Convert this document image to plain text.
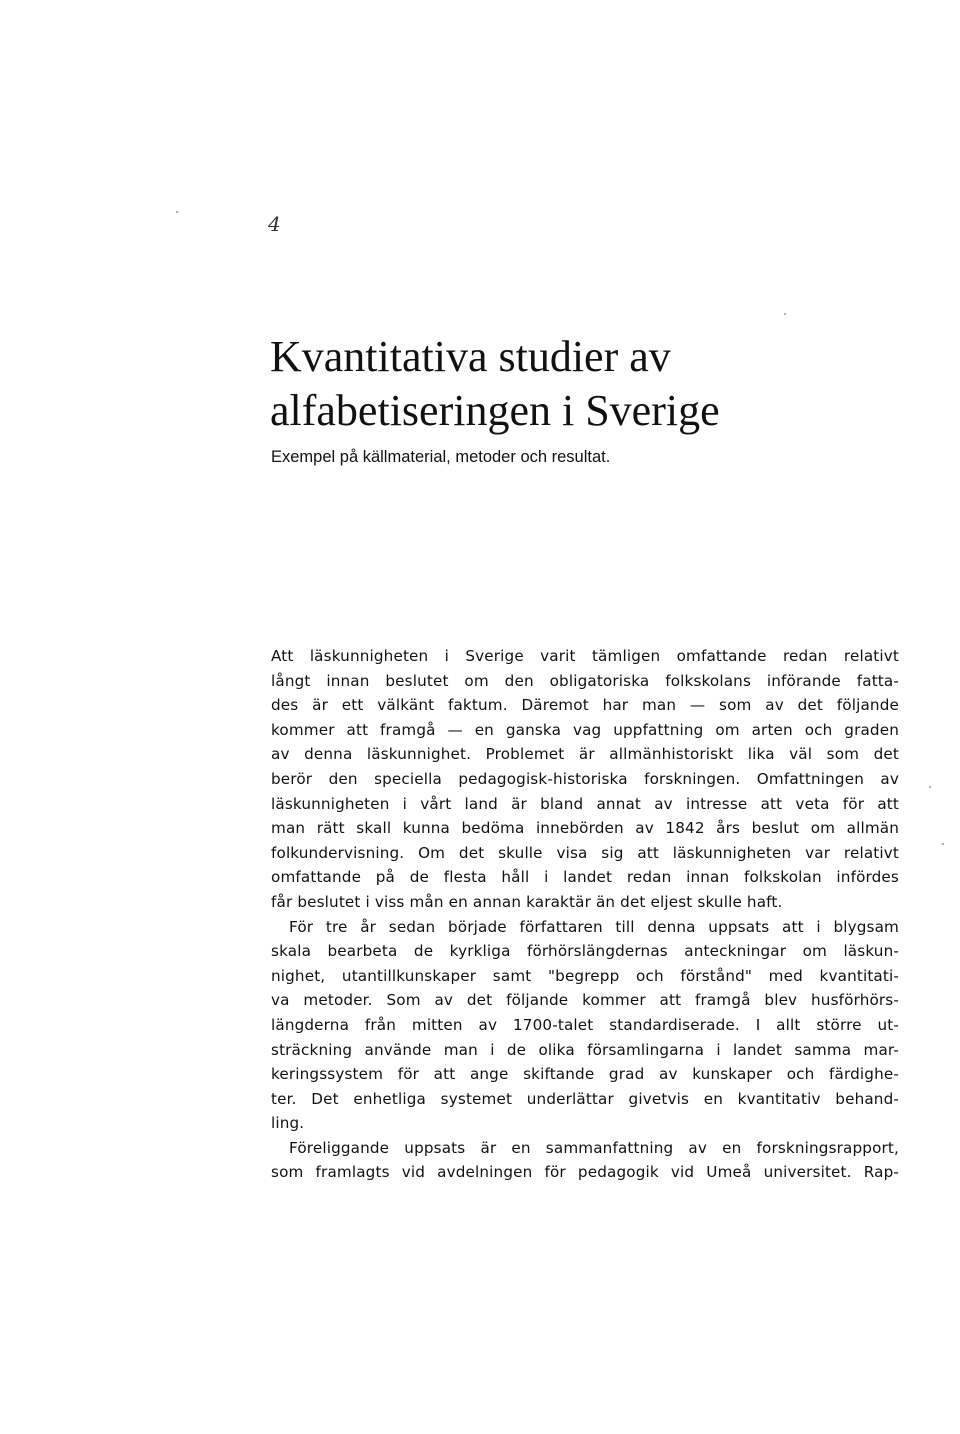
4
Kvantitativa studier av
alfabetiseringen i Sverige

Exempel på källmaterial, metoder och resultat.

Att läskunnigheten i Sverige varit tämligen omfattande redan relativt
långt innan beslutet om den obligatoriska folkskolans införande fatta-
des är ett välkänt faktum. Däremot har man — som av det följande
kommer att framgå — en ganska vag uppfattning om arten och graden
av denna läskunnighet. Problemet är allmänhistoriskt lika väl som det
berör den speciella pedagogisk-historiska forskningen. Omfattningen av
läskunnigheten i vårt land är bland annat av intresse att veta för att
man rätt skall kunna bedöma innebörden av 1842 års beslut om allmän
folkundervisning. Om det skulle visa sig att läskunnigheten var relativt
omfattande på de flesta håll i landet redan innan folkskolan infördes
får beslutet i viss mån en annan karaktär än det eljest skulle haft.
För tre år sedan började författaren till denna uppsats att i blygsam
skala bearbeta de kyrkliga förhörslängdernas anteckningar om läskun-
nighet, utantillkunskaper samt "begrepp och förstånd" med kvantitati-
va metoder. Som av det följande kommer att framgå blev husförhörs-
längderna från mitten av 1700-talet standardiserade. I allt större ut-
sträckning använde man i de olika församlingarna i landet samma mar-
keringssystem för att ange skiftande grad av kunskaper och färdighe-
ter. Det enhetliga systemet underlättar givetvis en kvantitativ behand-
ling.
Föreliggande uppsats är en sammanfattning av en forskningsrapport,
som framlagts vid avdelningen för pedagogik vid Umeå universitet. Rap-
